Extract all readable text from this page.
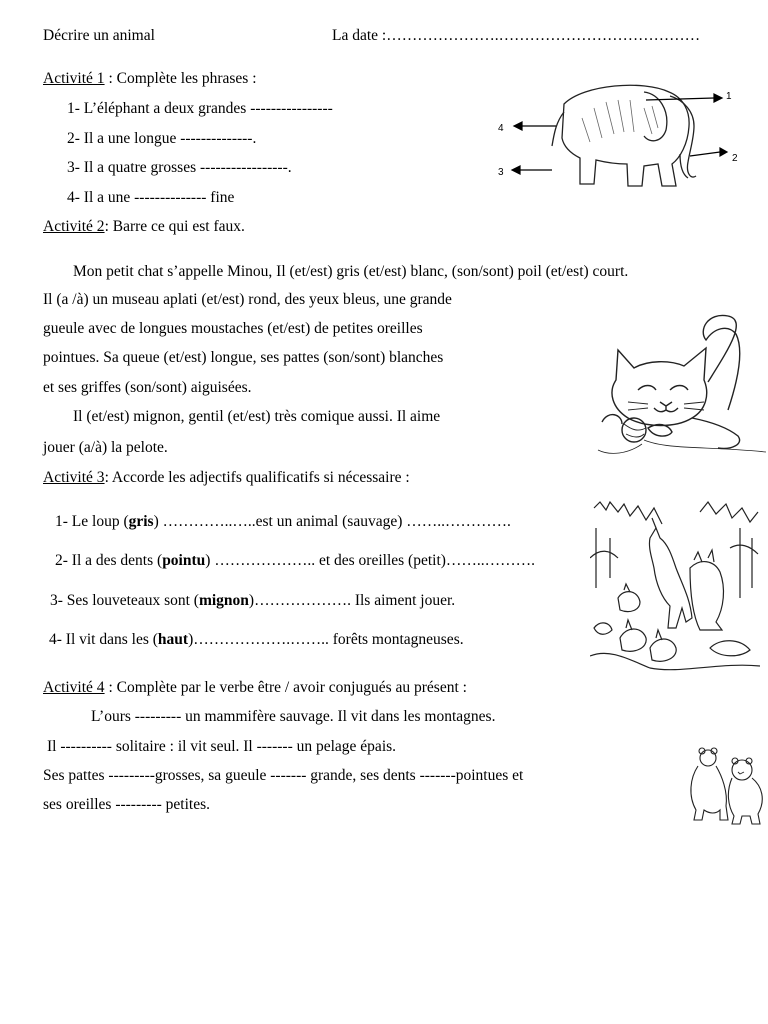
Décrire un animal	La date :………………….…………………………………
Activité 1 : Complète les phrases :
1- L’éléphant a deux grandes ----------------
2- Il a une longue --------------.
3- Il a quatre grosses -----------------.
4- Il a une -------------- fine
1
2
4
3
Activité 2: Barre ce qui est faux.
Mon petit chat s’appelle Minou, Il (et/est) gris (et/est) blanc, (son/sont) poil (et/est) court.
Il (a /à) un museau aplati (et/est) rond, des yeux bleus, une grande
gueule avec de longues moustaches (et/est) de petites oreilles
pointues. Sa queue (et/est) longue, ses pattes (son/sont) blanches
et ses griffes (son/sont) aiguisées.
Il (et/est) mignon, gentil (et/est) très comique aussi. Il aime
jouer (a/à) la pelote.
Activité 3: Accorde les adjectifs qualificatifs si nécessaire :
1- Le loup (gris) …………..…..est un animal (sauvage) ……..………….
2- Il a des dents (pointu) ……………….. et des oreilles (petit)……..……….
3- Ses louveteaux sont (mignon)………………. Ils aiment jouer.
4- Il vit dans les (haut)……………….…….. forêts montagneuses.
Activité 4 : Complète par le verbe être / avoir conjugués au présent :
L’ours --------- un mammifère sauvage. Il vit dans les montagnes.
Il ---------- solitaire : il vit seul. Il ------- un pelage épais.
Ses pattes ---------grosses, sa gueule ------- grande, ses dents -------pointues et
ses oreilles --------- petites.
